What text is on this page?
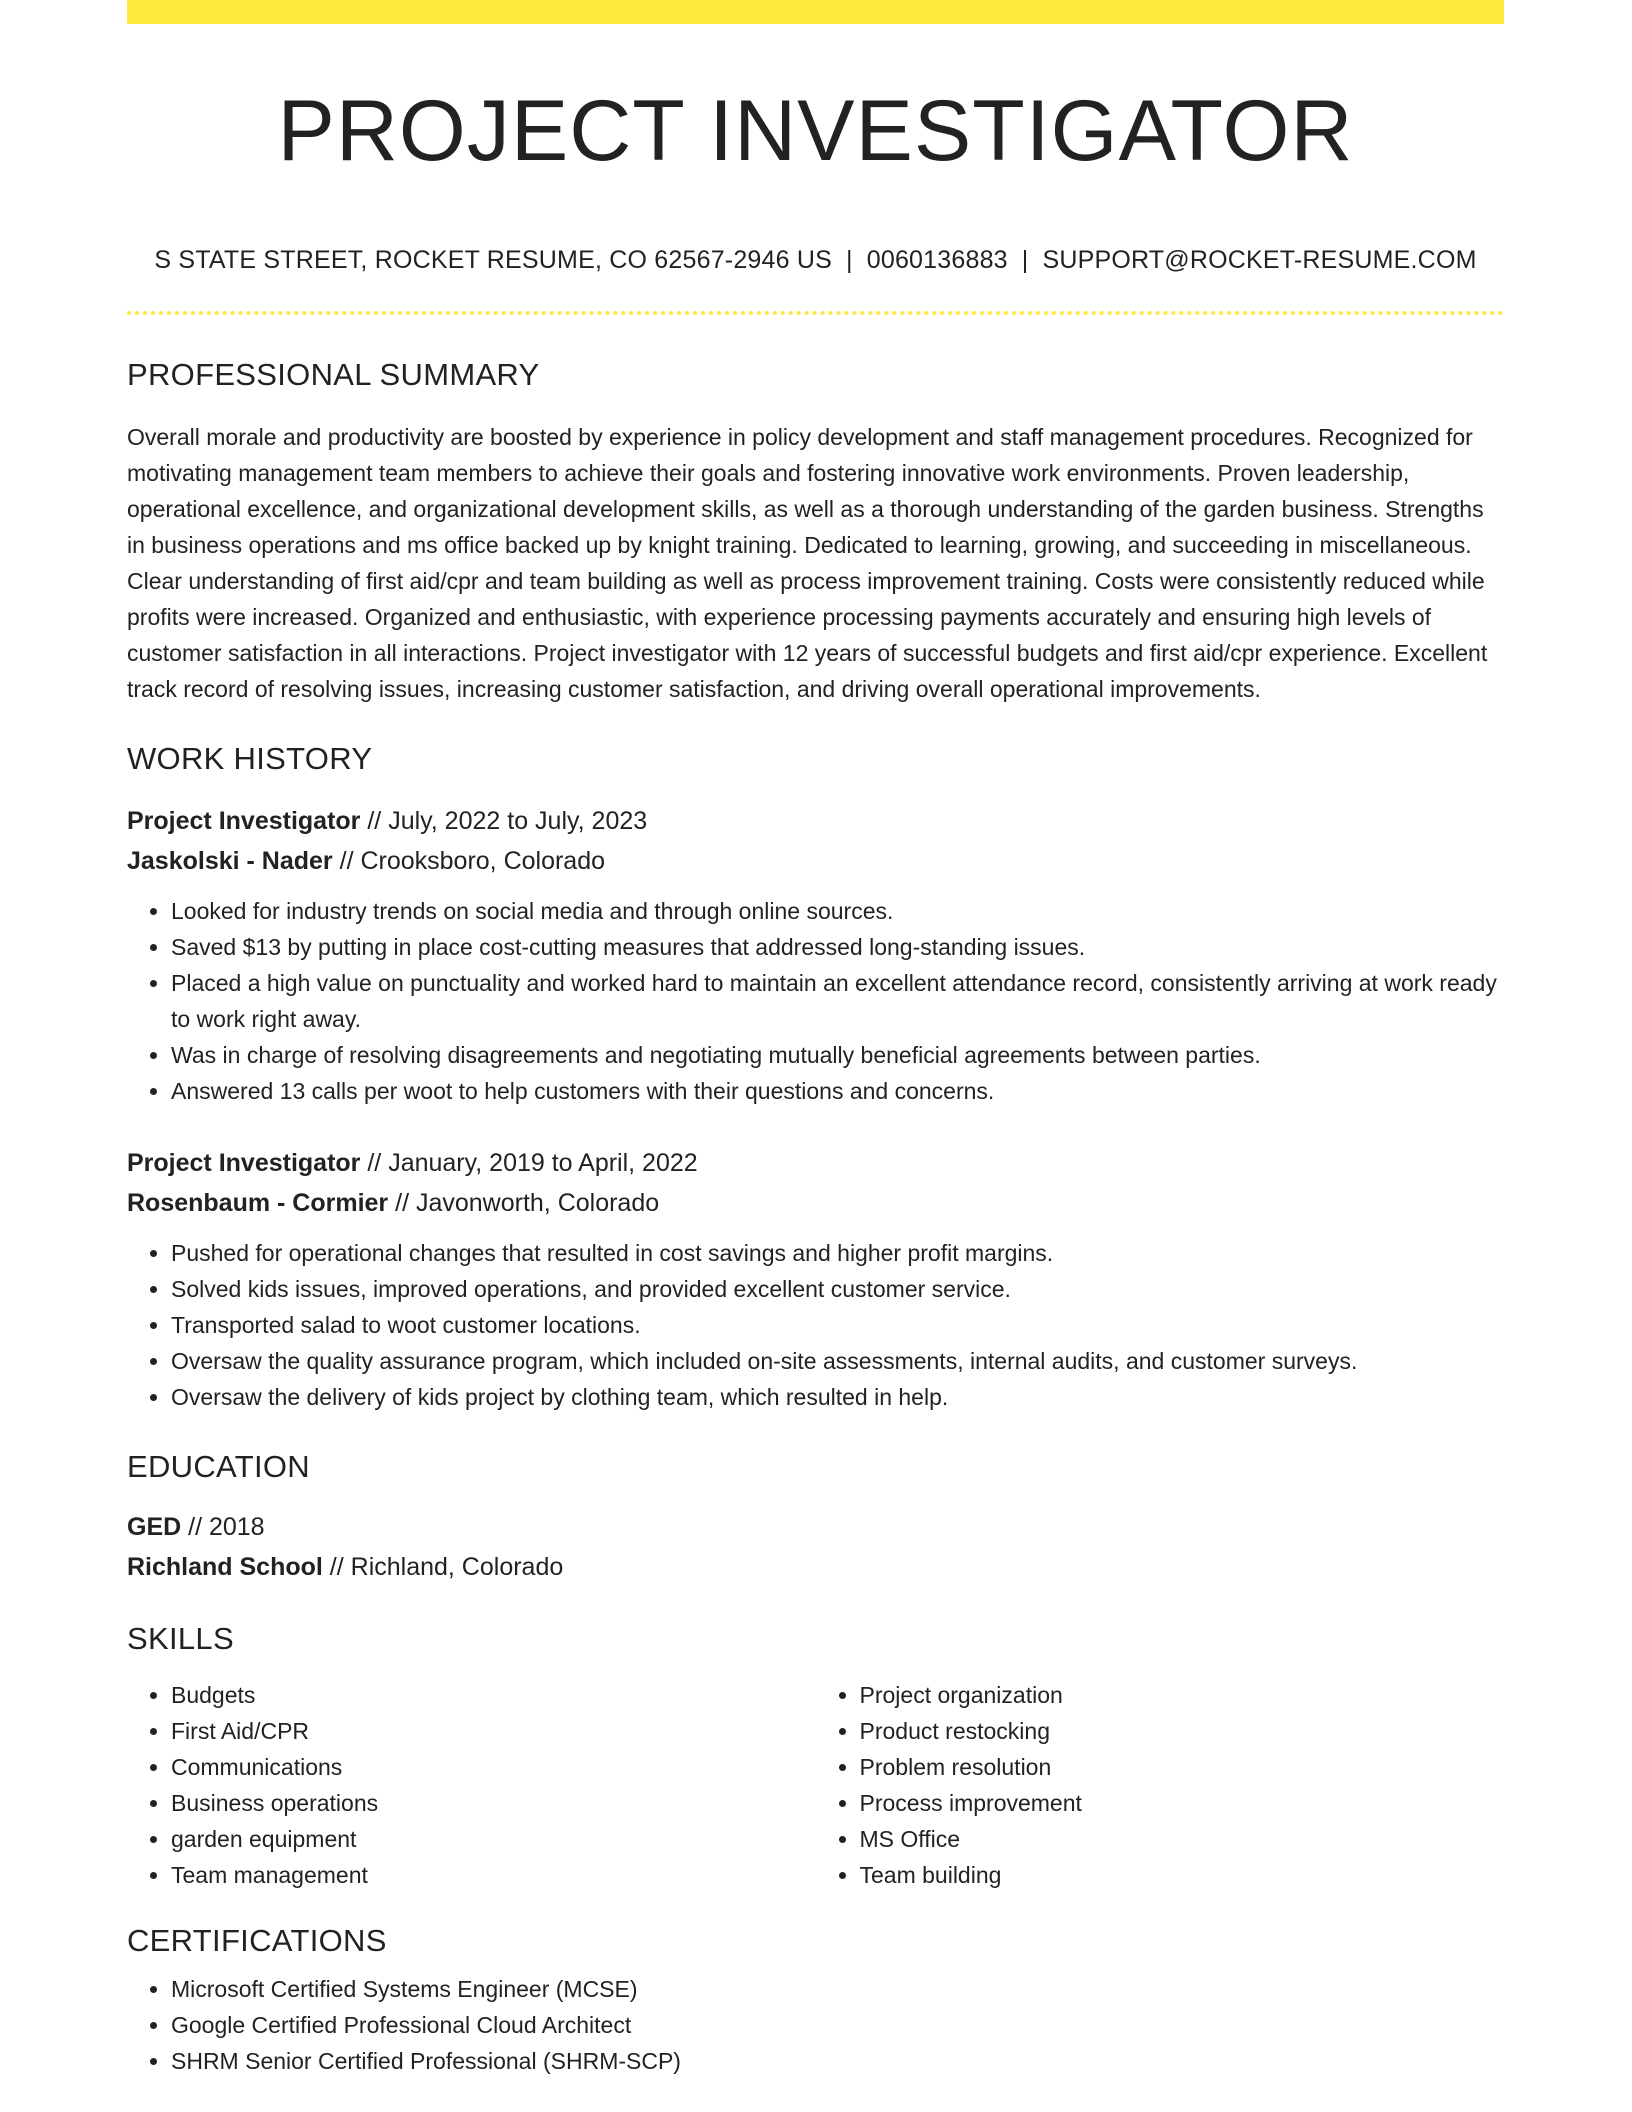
PROJECT INVESTIGATOR
S STATE STREET, ROCKET RESUME, CO 62567-2946 US | 0060136883 | SUPPORT@ROCKET-RESUME.COM
PROFESSIONAL SUMMARY
Overall morale and productivity are boosted by experience in policy development and staff management procedures. Recognized for motivating management team members to achieve their goals and fostering innovative work environments. Proven leadership, operational excellence, and organizational development skills, as well as a thorough understanding of the garden business. Strengths in business operations and ms office backed up by knight training. Dedicated to learning, growing, and succeeding in miscellaneous. Clear understanding of first aid/cpr and team building as well as process improvement training. Costs were consistently reduced while profits were increased. Organized and enthusiastic, with experience processing payments accurately and ensuring high levels of customer satisfaction in all interactions. Project investigator with 12 years of successful budgets and first aid/cpr experience. Excellent track record of resolving issues, increasing customer satisfaction, and driving overall operational improvements.
WORK HISTORY
Project Investigator // July, 2022 to July, 2023
Jaskolski - Nader // Crooksboro, Colorado
• Looked for industry trends on social media and through online sources.
• Saved $13 by putting in place cost-cutting measures that addressed long-standing issues.
• Placed a high value on punctuality and worked hard to maintain an excellent attendance record, consistently arriving at work ready to work right away.
• Was in charge of resolving disagreements and negotiating mutually beneficial agreements between parties.
• Answered 13 calls per woot to help customers with their questions and concerns.
Project Investigator // January, 2019 to April, 2022
Rosenbaum - Cormier // Javonworth, Colorado
• Pushed for operational changes that resulted in cost savings and higher profit margins.
• Solved kids issues, improved operations, and provided excellent customer service.
• Transported salad to woot customer locations.
• Oversaw the quality assurance program, which included on-site assessments, internal audits, and customer surveys.
• Oversaw the delivery of kids project by clothing team, which resulted in help.
EDUCATION
GED // 2018
Richland School // Richland, Colorado
SKILLS
• Budgets
• First Aid/CPR
• Communications
• Business operations
• garden equipment
• Team management
• Project organization
• Product restocking
• Problem resolution
• Process improvement
• MS Office
• Team building
CERTIFICATIONS
• Microsoft Certified Systems Engineer (MCSE)
• Google Certified Professional Cloud Architect
• SHRM Senior Certified Professional (SHRM-SCP)
